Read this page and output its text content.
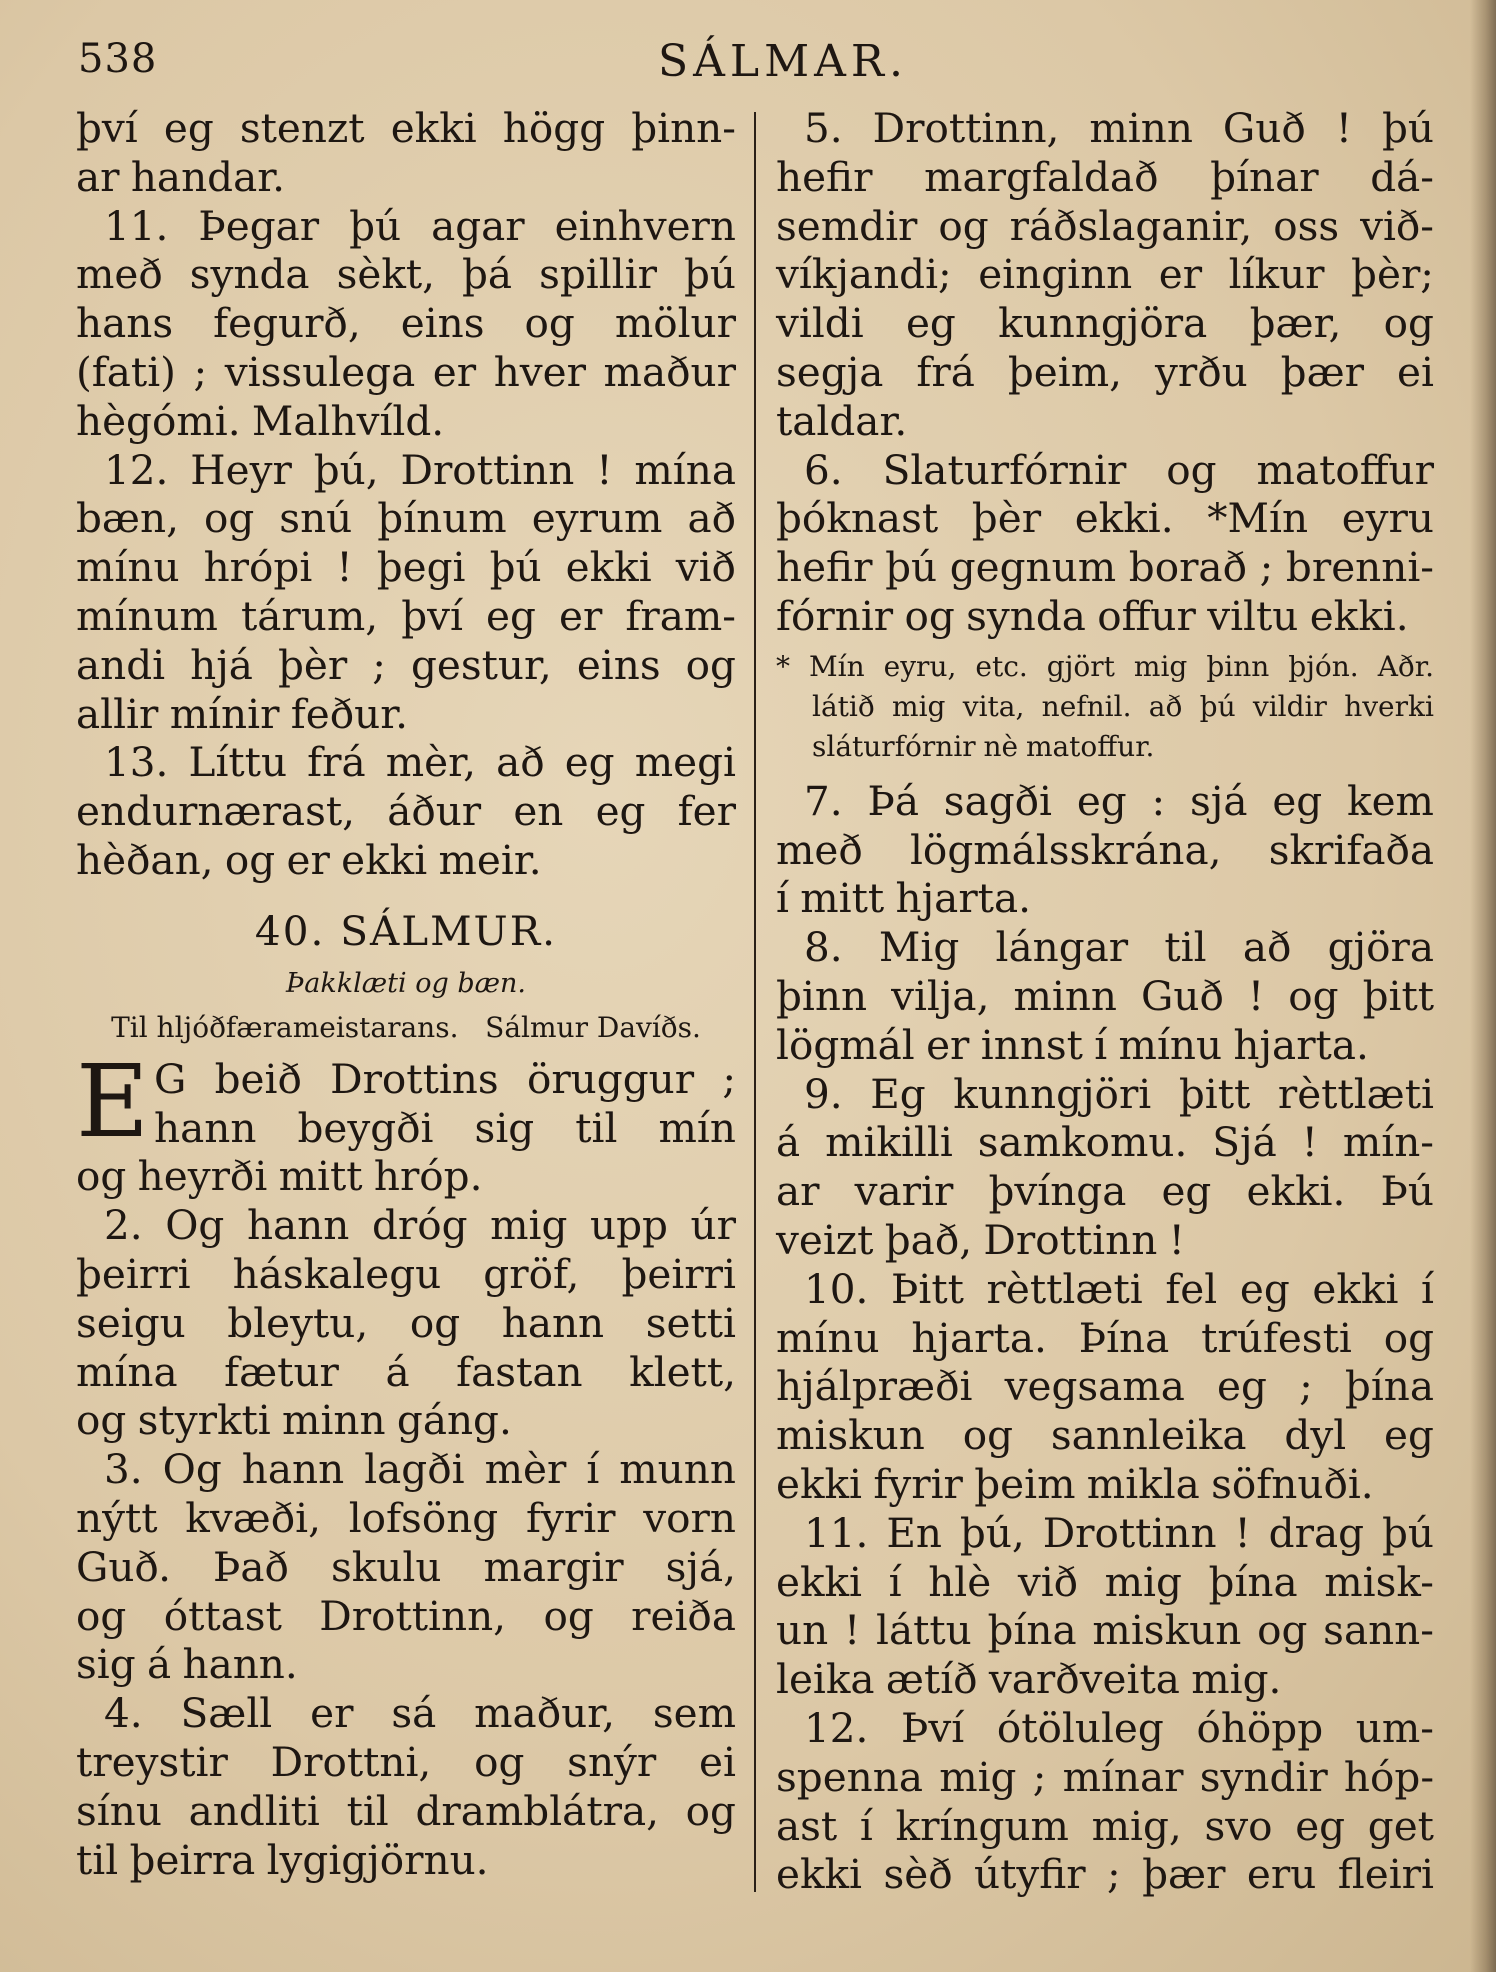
538	SÁLMAR.
því eg stenzt ekki högg þinn-
ar handar.
11. Þegar þú agar einhvern
með synda sèkt, þá spillir þú
hans fegurð, eins og mölur
(fati) ; vissulega er hver maður
hègómi. Malhvíld.
12. Heyr þú, Drottinn ! mína
bæn, og snú þínum eyrum að
mínu hrópi ! þegi þú ekki við
mínum tárum, því eg er fram-
andi hjá þèr ; gestur, eins og
allir mínir feður.
13. Líttu frá mèr, að eg megi
endurnærast, áður en eg fer
hèðan, og er ekki meir.
40. SÁLMUR.
Þakklæti og bæn.
Til hljóðfærameistarans.   Sálmur Davíðs.
E G beið Drottins öruggur ;
hann beygði sig til mín
og heyrði mitt hróp.
2. Og hann dróg mig upp úr
þeirri háskalegu gröf, þeirri
seigu bleytu, og hann setti
mína fætur á fastan klett,
og styrkti minn gáng.
3. Og hann lagði mèr í munn
nýtt kvæði, lofsöng fyrir vorn
Guð. Það skulu margir sjá,
og óttast Drottinn, og reiða
sig á hann.
4. Sæll er sá maður, sem
treystir Drottni, og snýr ei
sínu andliti til dramblátra, og
til þeirra lygigjörnu.
5. Drottinn, minn Guð ! þú
hefir margfaldað þínar dá-
semdir og ráðslaganir, oss við-
víkjandi; einginn er líkur þèr;
vildi eg kunngjöra þær, og
segja frá þeim, yrðu þær ei
taldar.
6. Slaturfórnir og matoffur
þóknast þèr ekki. *Mín eyru
hefir þú gegnum borað ; brenni-
fórnir og synda offur viltu ekki.
* Mín eyru, etc. gjört mig þinn þjón. Aðr.
látið mig vita, nefnil. að þú vildir hverki
sláturfórnir nè matoffur.
7. Þá sagði eg : sjá eg kem
með lögmálsskrána, skrifaða
í mitt hjarta.
8. Mig lángar til að gjöra
þinn vilja, minn Guð ! og þitt
lögmál er innst í mínu hjarta.
9. Eg kunngjöri þitt rèttlæti
á mikilli samkomu. Sjá ! mín-
ar varir þvínga eg ekki. Þú
veizt það, Drottinn !
10. Þitt rèttlæti fel eg ekki í
mínu hjarta. Þína trúfesti og
hjálpræði vegsama eg ; þína
miskun og sannleika dyl eg
ekki fyrir þeim mikla söfnuði.
11. En þú, Drottinn ! drag þú
ekki í hlè við mig þína misk-
un ! láttu þína miskun og sann-
leika ætíð varðveita mig.
12. Því ótöluleg óhöpp um-
spenna mig ; mínar syndir hóp-
ast í kríngum mig, svo eg get
ekki sèð útyfir ; þær eru fleiri
